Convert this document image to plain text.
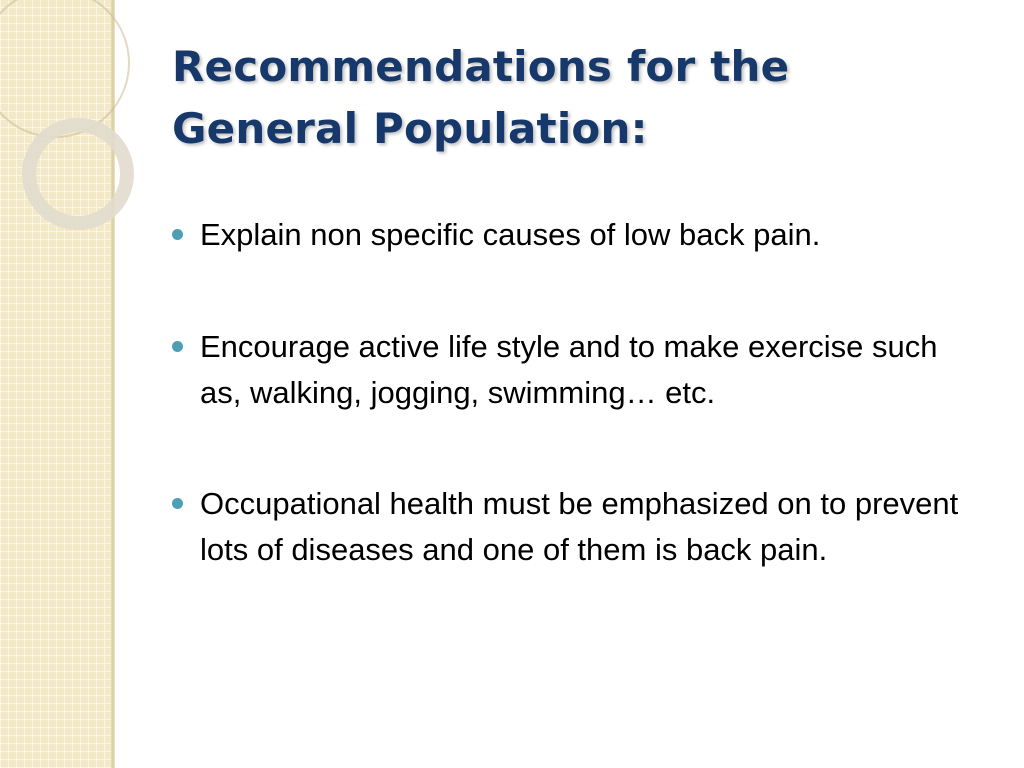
Recommendations for the
General Population:
Explain non specific causes of low back pain.
Encourage active life style and to make exercise such as, walking, jogging, swimming… etc.
Occupational health must be emphasized on to prevent lots of diseases and one of them is back pain.
